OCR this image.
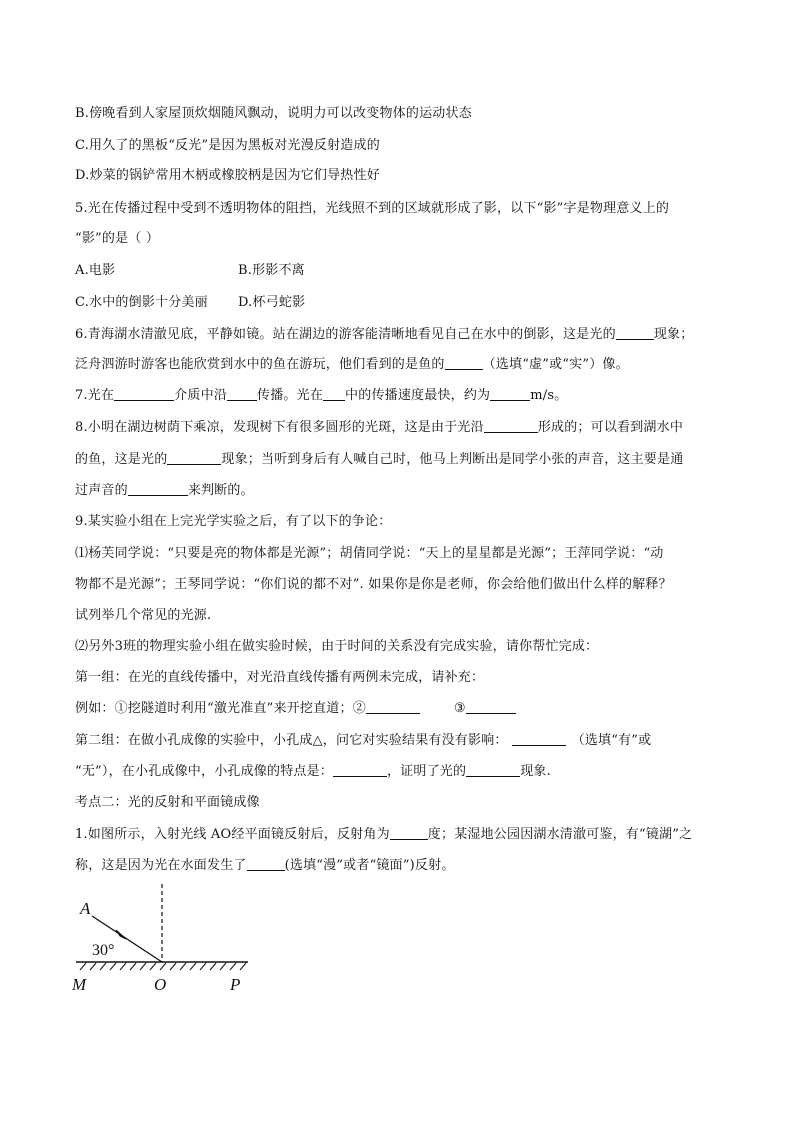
B.傍晚看到人家屋顶炊烟随风飘动，说明力可以改变物体的运动状态
C.用久了的黑板“反光”是因为黑板对光漫反射造成的
D.炒菜的锅铲常用木柄或橡胶柄是因为它们导热性好
5.光在传播过程中受到不透明物体的阻挡，光线照不到的区域就形成了影，以下“影”字是物理意义上的
“影”的是（ ）
A.电影	B.形影不离
C.水中的倒影十分美丽 D.杯弓蛇影
6.青海湖水清澈见底，平静如镜。站在湖边的游客能清晰地看见自己在水中的倒影，这是光的	现象；
泛舟泗游时游客也能欣赏到水中的鱼在游玩，他们看到的是鱼的	（选填“虚”或“实”）像。
7.光在	介质中沿 传播。光在 中的传播速度最快，约为	m/s。
8.小明在湖边树荫下乘凉，发现树下有很多圆形的光斑，这是由于光沿	形成的；可以看到湖水中
的鱼，这是光的	现象；当听到身后有人喊自己时，他马上判断出是同学小张的声音，这主要是通
过声音的	来判断的。
9.某实验小组在上完光学实验之后，有了以下的争论：
⑴杨芙同学说：“只要是亮的物体都是光源”；胡倩同学说：“天上的星星都是光源”；王萍同学说：“动
物都不是光源”；王琴同学说：“你们说的都不对”. 如果你是你是老师，你会给他们做出什么样的解释？
试列举几个常见的光源.
⑵另外3班的物理实验小组在做实验时候，由于时间的关系没有完成实验，请你帮忙完成：
第一组：在光的直线传播中，对光沿直线传播有两例未完成，请补充：
例如：①挖隧道时利用“激光准直”来开挖直道；②	③
第二组：在做小孔成像的实验中，小孔成△，问它对实验结果有没有影响：	（选填“有”或
“无”），在小孔成像中，小孔成像的特点是：	，证明了光的	现象.
考点二：光的反射和平面镜成像
1.如图所示，入射光线 AO经平面镜反射后，反射角为	度；某湿地公园因湖水清澈可鉴，有“镜湖”之
称，这是因为光在水面发生了	(选填“漫”或者“镜面”)反射。
A
30°
M	O	P
